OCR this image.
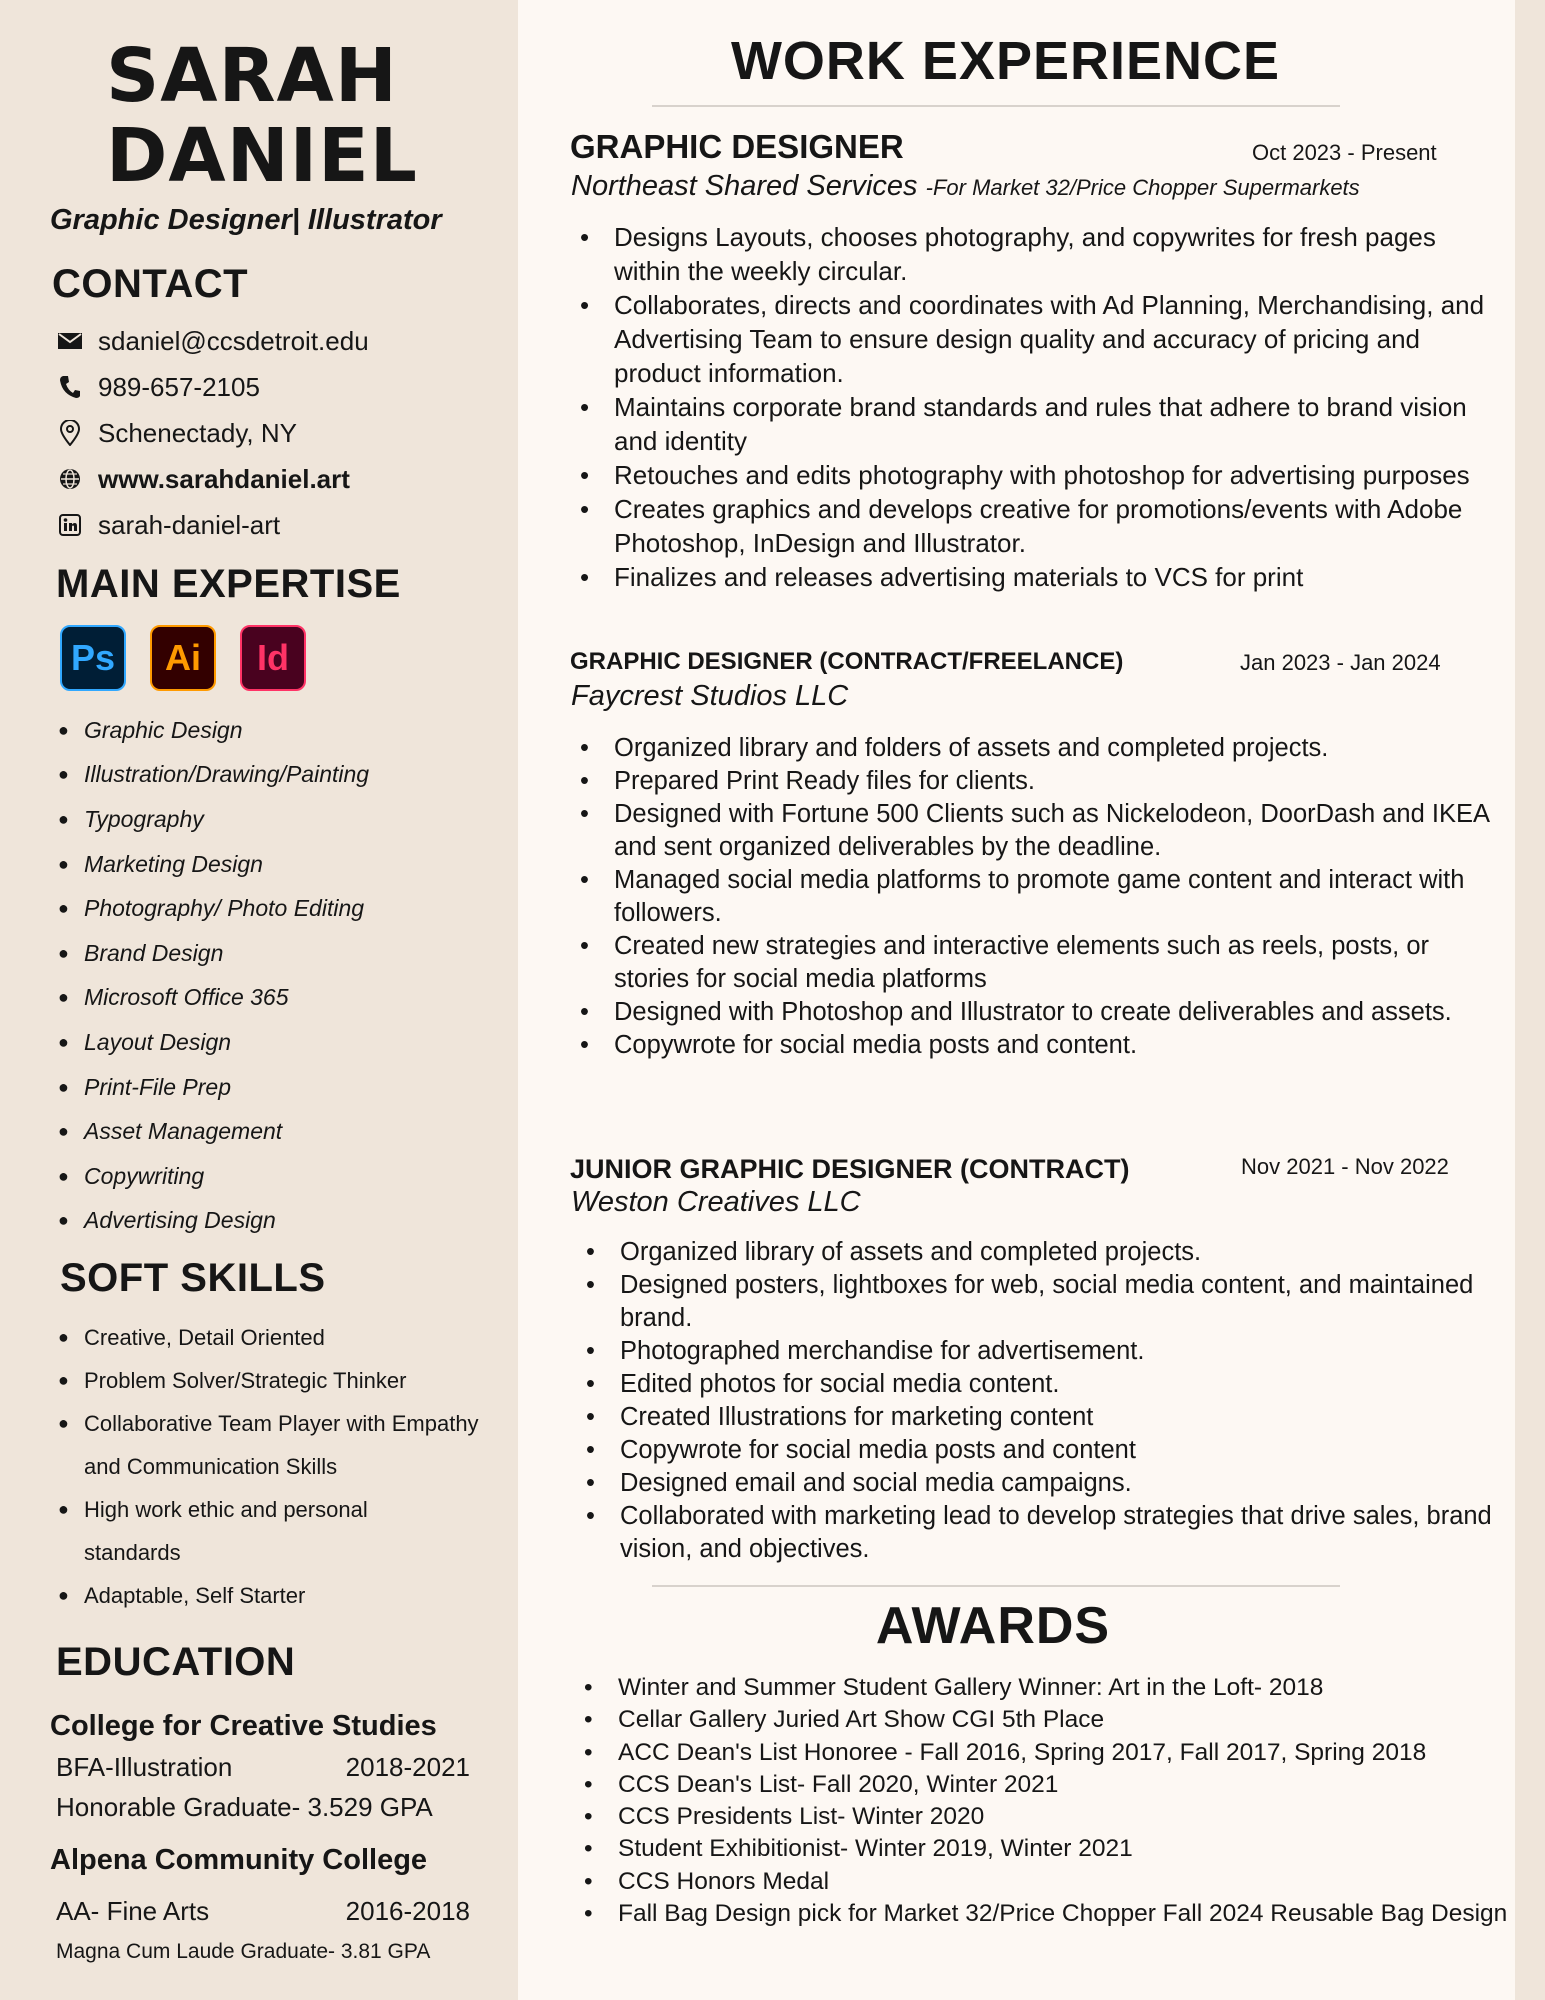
SARAH
DANIEL
Graphic Designer| Illustrator
CONTACT
sdaniel@ccsdetroit.edu
989-657-2105
Schenectady, NY
www.sarahdaniel.art
sarah-daniel-art
MAIN EXPERTISE
Ps	Ai	Id
● Graphic Design
● Illustration/Drawing/Painting
● Typography
● Marketing Design
● Photography/ Photo Editing
● Brand Design
● Microsoft Office 365
● Layout Design
● Print-File Prep
● Asset Management
● Copywriting
● Advertising Design
SOFT SKILLS
● Creative, Detail Oriented
● Problem Solver/Strategic Thinker
● Collaborative Team Player with Empathy and Communication Skills
● High work ethic and personal standards
● Adaptable, Self Starter
EDUCATION
College for Creative Studies
BFA-Illustration	2018-2021
Honorable Graduate- 3.529 GPA
Alpena Community College
AA- Fine Arts	2016-2018
Magna Cum Laude Graduate- 3.81 GPA
WORK EXPERIENCE
GRAPHIC DESIGNER	Oct 2023 - Present
Northeast Shared Services -For Market 32/Price Chopper Supermarkets
• Designs Layouts, chooses photography, and copywrites for fresh pages within the weekly circular.
• Collaborates, directs and coordinates with Ad Planning, Merchandising, and Advertising Team to ensure design quality and accuracy of pricing and product information.
• Maintains corporate brand standards and rules that adhere to brand vision and identity
• Retouches and edits photography with photoshop for advertising purposes
• Creates graphics and develops creative for promotions/events with Adobe Photoshop, InDesign and Illustrator.
• Finalizes and releases advertising materials to VCS for print
GRAPHIC DESIGNER (CONTRACT/FREELANCE)	Jan 2023 - Jan 2024
Faycrest Studios LLC
• Organized library and folders of assets and completed projects.
• Prepared Print Ready files for clients.
• Designed with Fortune 500 Clients such as Nickelodeon, DoorDash and IKEA and sent organized deliverables by the deadline.
• Managed social media platforms to promote game content and interact with followers.
• Created new strategies and interactive elements such as reels, posts, or stories for social media platforms
• Designed with Photoshop and Illustrator to create deliverables and assets.
• Copywrote for social media posts and content.
JUNIOR GRAPHIC DESIGNER (CONTRACT)	Nov 2021 - Nov 2022
Weston Creatives LLC
• Organized library of assets and completed projects.
• Designed posters, lightboxes for web, social media content, and maintained brand.
• Photographed merchandise for advertisement.
• Edited photos for social media content.
• Created Illustrations for marketing content
• Copywrote for social media posts and content
• Designed email and social media campaigns.
• Collaborated with marketing lead to develop strategies that drive sales, brand vision, and objectives.
AWARDS
•	Winter and Summer Student Gallery Winner: Art in the Loft- 2018
•	Cellar Gallery Juried Art Show CGI 5th Place
•	ACC Dean's List Honoree - Fall 2016, Spring 2017, Fall 2017, Spring 2018
•	CCS Dean's List- Fall 2020, Winter 2021
•	CCS Presidents List- Winter 2020
•	Student Exhibitionist- Winter 2019, Winter 2021
•	CCS Honors Medal
•	Fall Bag Design pick for Market 32/Price Chopper Fall 2024 Reusable Bag Design
